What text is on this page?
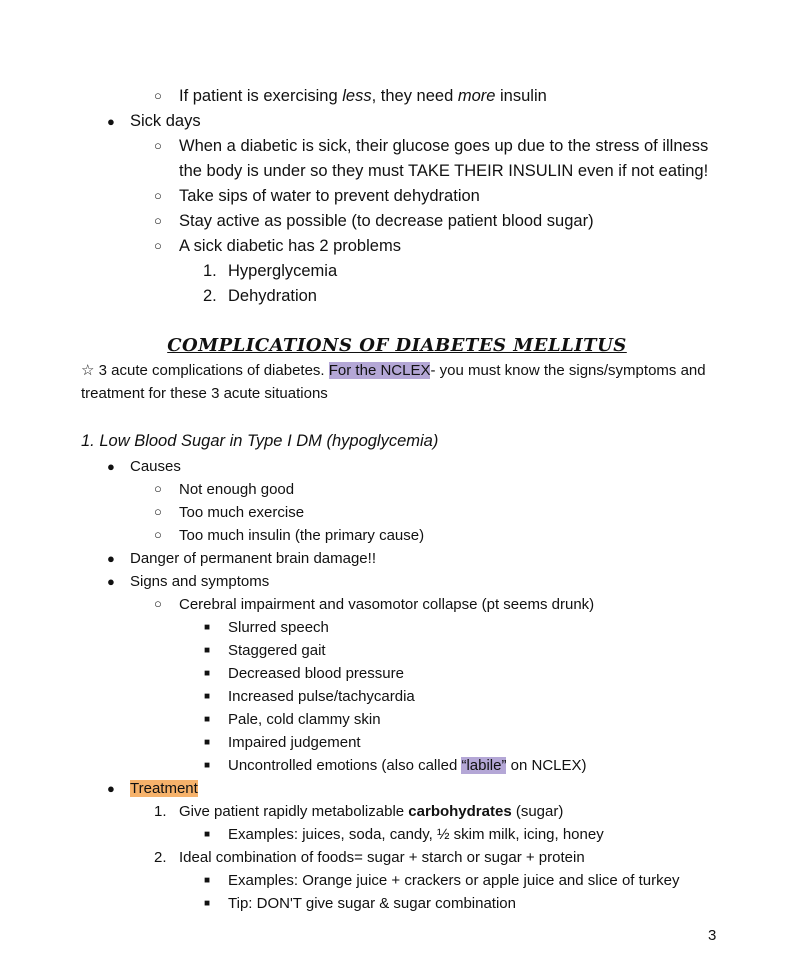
○ If patient is exercising less, they need more insulin
● Sick days
○ When a diabetic is sick, their glucose goes up due to the stress of illness
the body is under so they must TAKE THEIR INSULIN even if not eating!
○ Take sips of water to prevent dehydration
○ Stay active as possible (to decrease patient blood sugar)
○ A sick diabetic has 2 problems
1. Hyperglycemia
2. Dehydration
COMPLICATIONS OF DIABETES MELLITUS
☆ 3 acute complications of diabetes. For the NCLEX- you must know the signs/symptoms and
treatment for these 3 acute situations
1. Low Blood Sugar in Type I DM (hypoglycemia)
● Causes
○ Not enough good
○ Too much exercise
○ Too much insulin (the primary cause)
● Danger of permanent brain damage!!
● Signs and symptoms
○ Cerebral impairment and vasomotor collapse (pt seems drunk)
■ Slurred speech
■ Staggered gait
■ Decreased blood pressure
■ Increased pulse/tachycardia
■ Pale, cold clammy skin
■ Impaired judgement
■ Uncontrolled emotions (also called “labile” on NCLEX)
● Treatment
1. Give patient rapidly metabolizable carbohydrates (sugar)
■ Examples: juices, soda, candy, ½ skim milk, icing, honey
2. Ideal combination of foods= sugar + starch or sugar + protein
■ Examples: Orange juice + crackers or apple juice and slice of turkey
■ Tip: DON'T give sugar & sugar combination
3
